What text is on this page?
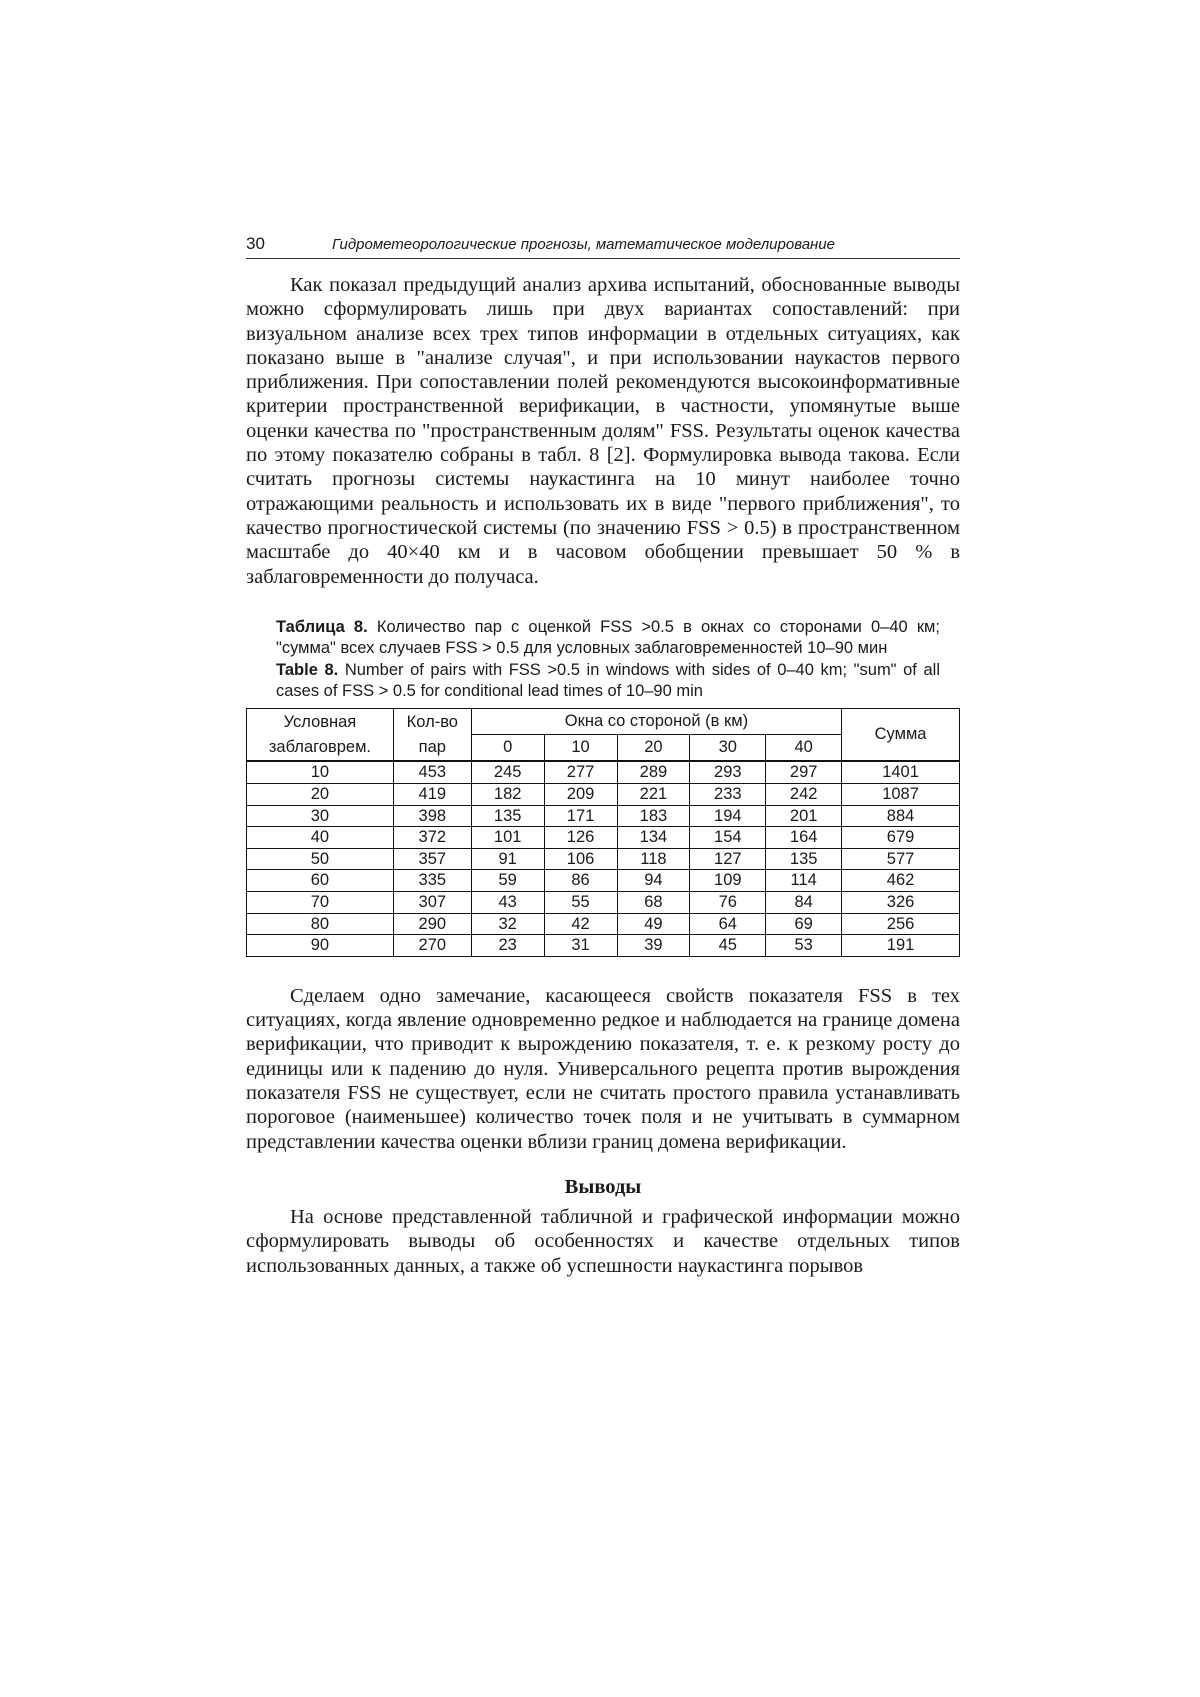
30	Гидрометеорологические прогнозы, математическое моделирование

Как показал предыдущий анализ архива испытаний, обоснованные выводы можно сформулировать лишь при двух вариантах сопоставлений: при визуальном анализе всех трех типов информации в отдельных ситуациях, как показано выше в "анализе случая", и при использовании наукастов первого приближения. При сопоставлении полей рекомендуются высокоинформативные критерии пространственной верификации, в частности, упомянутые выше оценки качества по "пространственным долям" FSS. Результаты оценок качества по этому показателю собраны в табл. 8 [2]. Формулировка вывода такова. Если считать прогнозы системы наукастинга на 10 минут наиболее точно отражающими реальность и использовать их в виде "первого приближения", то качество прогностической системы (по значению FSS > 0.5) в пространственном масштабе до 40×40 км и в часовом обобщении превышает 50 % в заблаговременности до получаса.

Таблица 8. Количество пар с оценкой FSS >0.5 в окнах со сторонами 0–40 км; "сумма" всех случаев FSS > 0.5 для условных заблаговременностей 10–90 мин

Table 8. Number of pairs with FSS >0.5 in windows with sides of 0–40 km; "sum" of all cases of FSS > 0.5 for conditional lead times of 10–90 min

Условная заблаговрем.	Кол-во пар	Окна со стороной (в км)					Сумма
		0	10	20	30	40	
10	453	245	277	289	293	297	1401
20	419	182	209	221	233	242	1087
30	398	135	171	183	194	201	884
40	372	101	126	134	154	164	679
50	357	91	106	118	127	135	577
60	335	59	86	94	109	114	462
70	307	43	55	68	76	84	326
80	290	32	42	49	64	69	256
90	270	23	31	39	45	53	191

Сделаем одно замечание, касающееся свойств показателя FSS в тех ситуациях, когда явление одновременно редкое и наблюдается на границе домена верификации, что приводит к вырождению показателя, т. е. к резкому росту до единицы или к падению до нуля. Универсального рецепта против вырождения показателя FSS не существует, если не считать простого правила устанавливать пороговое (наименьшее) количество точек поля и не учитывать в суммарном представлении качества оценки вблизи границ домена верификации.

Выводы

На основе представленной табличной и графической информации можно сформулировать выводы об особенностях и качестве отдельных типов использованных данных, а также об успешности наукастинга порывов
